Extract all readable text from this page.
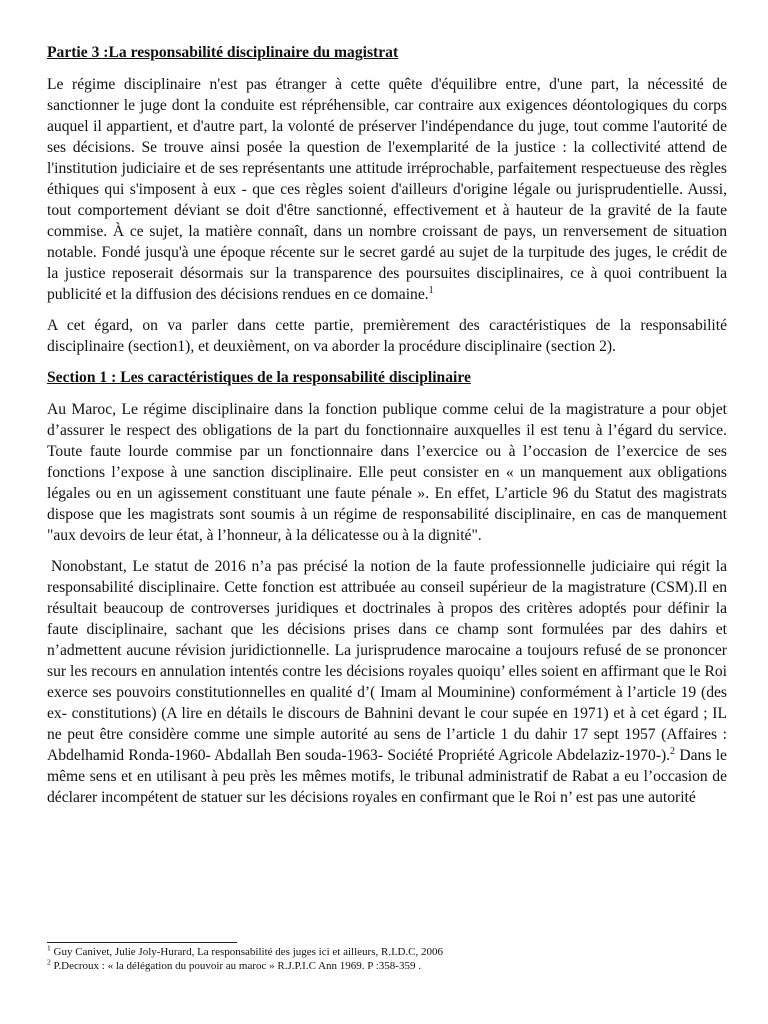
Partie 3 :La responsabilité disciplinaire du magistrat

Le régime disciplinaire n'est pas étranger à cette quête d'équilibre entre, d'une part, la nécessité de sanctionner le juge dont la conduite est répréhensible, car contraire aux exigences déontologiques du corps auquel il appartient, et d'autre part, la volonté de préserver l'indépendance du juge, tout comme l'autorité de ses décisions. Se trouve ainsi posée la question de l'exemplarité de la justice : la collectivité attend de l'institution judiciaire et de ses représentants une attitude irréprochable, parfaitement respectueuse des règles éthiques qui s'imposent à eux - que ces règles soient d'ailleurs d'origine légale ou jurisprudentielle. Aussi, tout comportement déviant se doit d'être sanctionné, effectivement et à hauteur de la gravité de la faute commise. À ce sujet, la matière connaît, dans un nombre croissant de pays, un renversement de situation notable. Fondé jusqu'à une époque récente sur le secret gardé au sujet de la turpitude des juges, le crédit de la justice reposerait désormais sur la transparence des poursuites disciplinaires, ce à quoi contribuent la publicité et la diffusion des décisions rendues en ce domaine.$^1$

A cet égard, on va parler dans cette partie, premièrement des caractéristiques de la responsabilité disciplinaire (section1), et deuxièment, on va aborder la procédure disciplinaire (section 2).

Section 1 : Les caractéristiques de la responsabilité disciplinaire

Au Maroc, Le régime disciplinaire dans la fonction publique comme celui de la magistrature a pour objet d’assurer le respect des obligations de la part du fonctionnaire auxquelles il est tenu à l’égard du service. Toute faute lourde commise par un fonctionnaire dans l’exercice ou à l’occasion de l’exercice de ses fonctions l’expose à une sanction disciplinaire. Elle peut consister en « un manquement aux obligations légales ou en un agissement constituant une faute pénale ». En effet, L’article 96 du Statut des magistrats dispose que les magistrats sont soumis à un régime de responsabilité disciplinaire, en cas de manquement "aux devoirs de leur état, à l’honneur, à la délicatesse ou à la dignité".

Nonobstant, Le statut de 2016 n’a pas précisé la notion de la faute professionnelle judiciaire qui régit la responsabilité disciplinaire. Cette fonction est attribuée au conseil supérieur de la magistrature (CSM).Il en résultait beaucoup de controverses juridiques et doctrinales à propos des critères adoptés pour définir la faute disciplinaire, sachant que les décisions prises dans ce champ sont formulées par des dahirs et n’admettent aucune révision juridictionnelle. La jurisprudence marocaine a toujours refusé de se prononcer sur les recours en annulation intentés contre les décisions royales quoiqu’ elles soient en affirmant que le Roi exerce ses pouvoirs constitutionnelles en qualité d’( Imam al Mouminine) conformément à l’article 19 (des ex- constitutions) (A lire en détails le discours de Bahnini devant le cour supée en 1971) et à cet égard ; IL ne peut être considère comme une simple autorité au sens de l’article 1 du dahir 17 sept 1957 (Affaires : Abdelhamid Ronda-1960- Abdallah Ben souda-1963- Société Propriété Agricole Abdelaziz-1970-).$^2$ Dans le même sens et en utilisant à peu près les mêmes motifs, le tribunal administratif de Rabat a eu l’occasion de déclarer incompétent de statuer sur les décisions royales en confirmant que le Roi n’ est pas une autorité

$^1$ Guy Canivet, Julie Joly-Hurard, La responsabilité des juges ici et ailleurs, R.I.D.C, 2006

$^2$ P.Decroux : « la délégation du pouvoir au maroc » R.J.P.I.C Ann 1969. P :358-359 .
